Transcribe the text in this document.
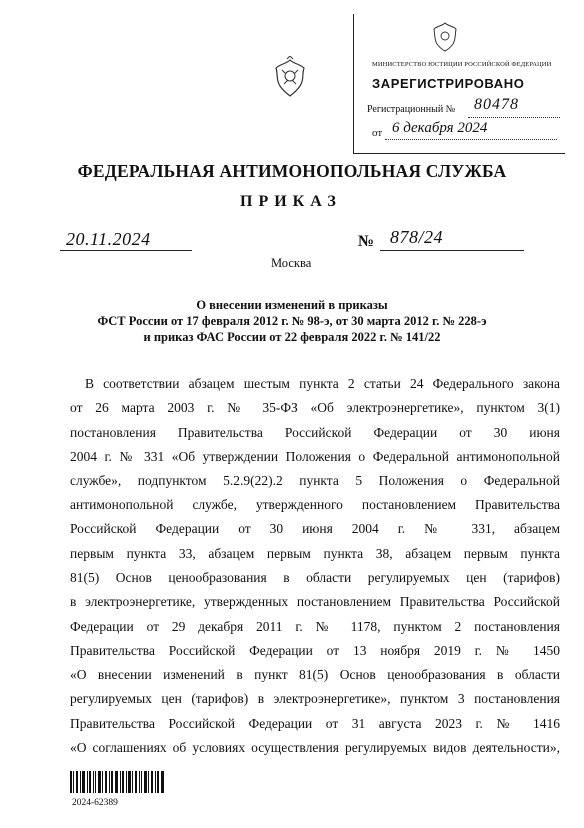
МИНИСТЕРСТВО ЮСТИЦИИ РОССИЙСКОЙ ФЕДЕРАЦИИ
ЗАРЕГИСТРИРОВАНО
Регистрационный № 80478
от 6 декабря 2024
ФЕДЕРАЛЬНАЯ АНТИМОНОПОЛЬНАЯ СЛУЖБА
ПРИКАЗ
20.11.2024
Москва
№ 878/24
О внесении изменений в приказы
ФСТ России от 17 февраля 2012 г. № 98-э, от 30 марта 2012 г. № 228-э
и приказ ФАС России от 22 февраля 2022 г. № 141/22
В соответствии абзацем шестым пункта 2 статьи 24 Федерального закона
от 26 марта 2003 г. № 35-ФЗ «Об электроэнергетике», пунктом 3(1)
постановления Правительства Российской Федерации от 30 июня
2004 г. № 331 «Об утверждении Положения о Федеральной антимонопольной
службе», подпунктом 5.2.9(22).2 пункта 5 Положения о Федеральной
антимонопольной службе, утвержденного постановлением Правительства
Российской Федерации от 30 июня 2004 г. № 331, абзацем
первым пункта 33, абзацем первым пункта 38, абзацем первым пункта
81(5) Основ ценообразования в области регулируемых цен (тарифов)
в электроэнергетике, утвержденных постановлением Правительства Российской
Федерации от 29 декабря 2011 г. № 1178, пунктом 2 постановления
Правительства Российской Федерации от 13 ноября 2019 г. № 1450
«О внесении изменений в пункт 81(5) Основ ценообразования в области
регулируемых цен (тарифов) в электроэнергетике», пунктом 3 постановления
Правительства Российской Федерации от 31 августа 2023 г. № 1416
«О соглашениях об условиях осуществления регулируемых видов деятельности»,
2024-62389
